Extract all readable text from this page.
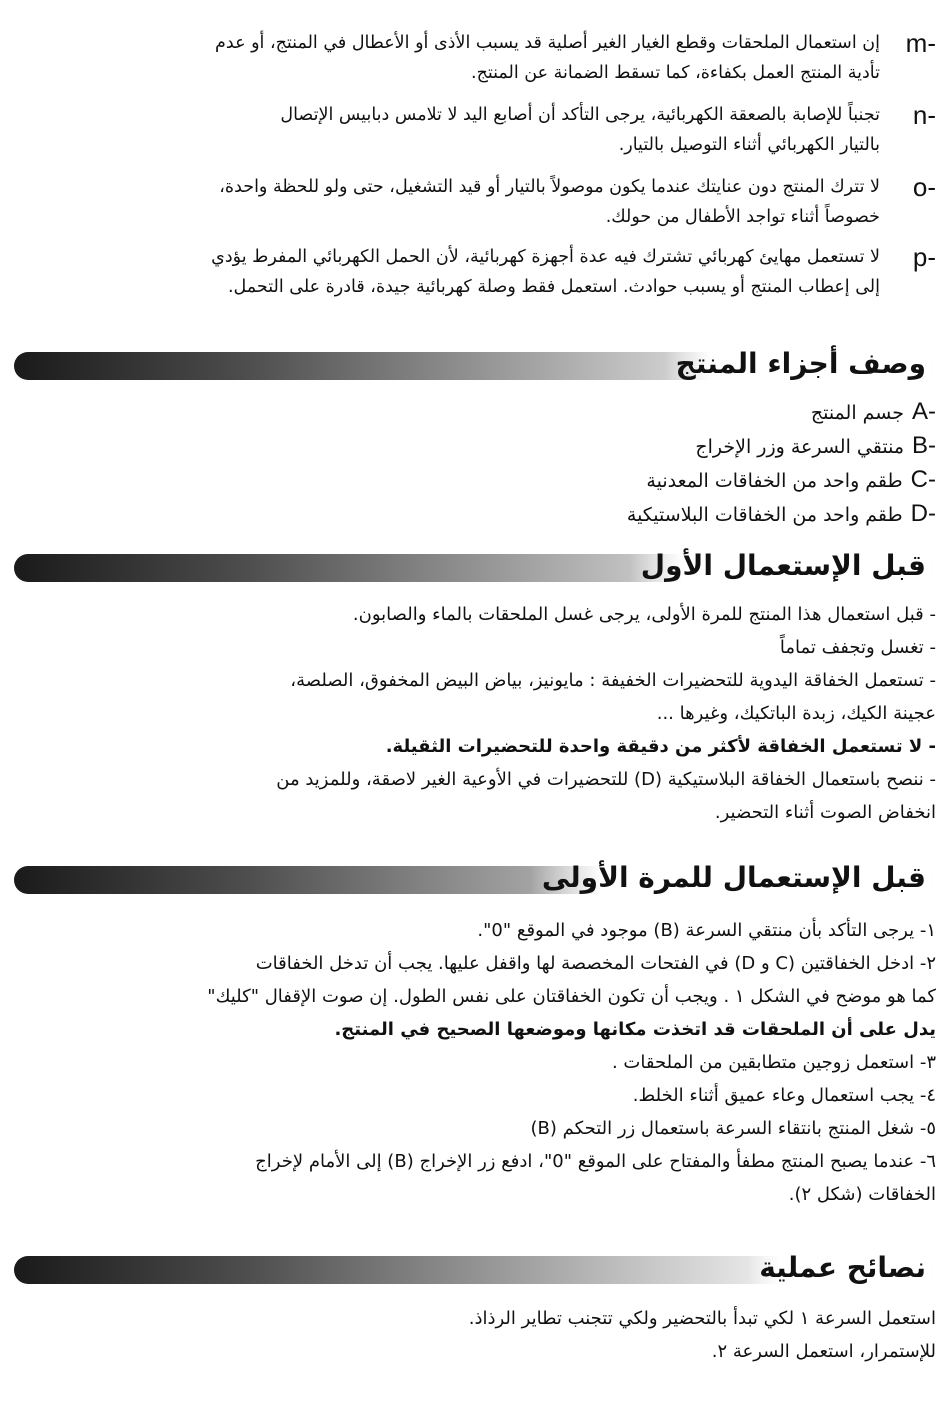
m-
إن استعمال الملحقات وقطع الغيار الغير أصلية قد يسبب الأذى أو الأعطال في المنتج، أو عدم
تأدية المنتج العمل بكفاءة، كما تسقط الضمانة عن المنتج.
n-
تجنباً للإصابة بالصعقة الكهربائية، يرجى التأكد أن أصابع اليد لا تلامس دبابيس الإتصال
بالتيار الكهربائي أثناء التوصيل بالتيار.
o-
لا تترك المنتج دون عنايتك عندما يكون موصولاً بالتيار أو قيد التشغيل، حتى ولو للحظة واحدة،
خصوصاً أثناء تواجد الأطفال من حولك.
p-
لا تستعمل مهايئ كهربائي تشترك فيه عدة أجهزة كهربائية، لأن الحمل الكهربائي المفرط يؤدي
إلى إعطاب المنتج أو يسبب حوادث. استعمل فقط وصلة كهربائية جيدة، قادرة على التحمل.
وصف أجزاء المنتج
A-جسم المنتج
B-منتقي السرعة وزر الإخراج
C-طقم واحد من الخفاقات المعدنية
D-طقم واحد من الخفاقات البلاستيكية
قبل الإستعمال الأول
- قبل استعمال هذا المنتج للمرة الأولى، يرجى غسل الملحقات بالماء والصابون.
- تغسل وتجفف تماماً
- تستعمل الخفاقة اليدوية للتحضيرات الخفيفة : مايونيز، بياض البيض المخفوق، الصلصة،
عجينة الكيك، زبدة الباتكيك، وغيرها ...
- لا تستعمل الخفاقة لأكثر من دقيقة واحدة للتحضيرات الثقيلة.
- ننصح باستعمال الخفاقة البلاستيكية (D) للتحضيرات في الأوعية الغير لاصقة، وللمزيد من
انخفاض الصوت أثناء التحضير.
قبل الإستعمال للمرة الأولى
١- يرجى التأكد بأن منتقي السرعة (B) موجود في الموقع "0".
٢- ادخل الخفاقتين (C و D) في الفتحات المخصصة لها واقفل عليها. يجب أن تدخل الخفاقات
كما هو موضح في الشكل ١ . ويجب أن تكون الخفاقتان على نفس الطول. إن صوت الإقفال "كليك"
يدل على أن الملحقات قد اتخذت مكانها وموضعها الصحيح في المنتج.
٣- استعمل زوجين متطابقين من الملحقات .
٤- يجب استعمال وعاء عميق أثناء الخلط.
٥- شغل المنتج بانتقاء السرعة باستعمال زر التحكم (B)
٦- عندما يصبح المنتج مطفأ والمفتاح على الموقع "0"، ادفع زر الإخراج (B) إلى الأمام لإخراج
الخفاقات (شكل ٢).
نصائح عملية
استعمل السرعة ١ لكي تبدأ بالتحضير ولكي تتجنب تطاير الرذاذ.
للإستمرار، استعمل السرعة ٢.
